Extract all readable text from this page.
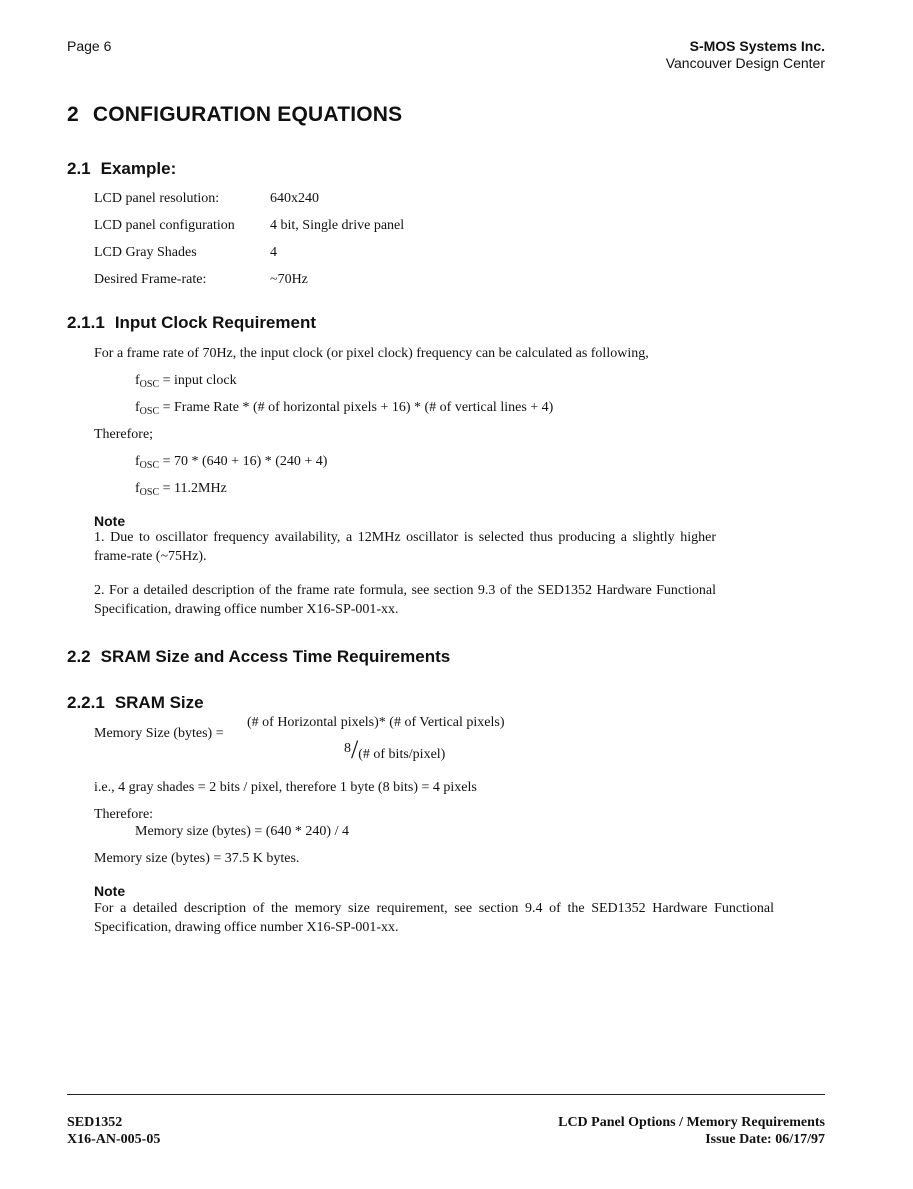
Page 6	S-MOS Systems Inc.
Vancouver Design Center
2 CONFIGURATION EQUATIONS
2.1 Example:
LCD panel resolution:	640x240
LCD panel configuration	4 bit, Single drive panel
LCD Gray Shades	4
Desired Frame-rate:	~70Hz
2.1.1 Input Clock Requirement
For a frame rate of 70Hz, the input clock (or pixel clock) frequency can be calculated as following,
$f_{OSC}$ = input clock
$f_{OSC}$ = Frame Rate * (# of horizontal pixels + 16) * (# of vertical lines + 4)
Therefore;
$f_{OSC} = 70 * (640 + 16) * (240 + 4)$
$f_{OSC} = 11.2MHz$
Note
1. Due to oscillator frequency availability, a 12MHz oscillator is selected thus producing a slightly higher frame-rate (~75Hz).
2. For a detailed description of the frame rate formula, see section 9.3 of the SED1352 Hardware Functional Specification, drawing office number X16-SP-001-xx.
2.2 SRAM Size and Access Time Requirements
2.2.1 SRAM Size
Memory Size (bytes) =
(# of Horizontal pixels)* (# of Vertical pixels)
8/(# of bits/pixel)
i.e., 4 gray shades = 2 bits / pixel, therefore 1 byte (8 bits) = 4 pixels
Therefore:
Memory size (bytes) = (640 * 240) / 4
Memory size (bytes) = 37.5 K bytes.
Note
For a detailed description of the memory size requirement, see section 9.4 of the SED1352 Hardware Functional Specification, drawing office number X16-SP-001-xx.
SED1352
X16-AN-005-05
LCD Panel Options / Memory Requirements
Issue Date: 06/17/97
